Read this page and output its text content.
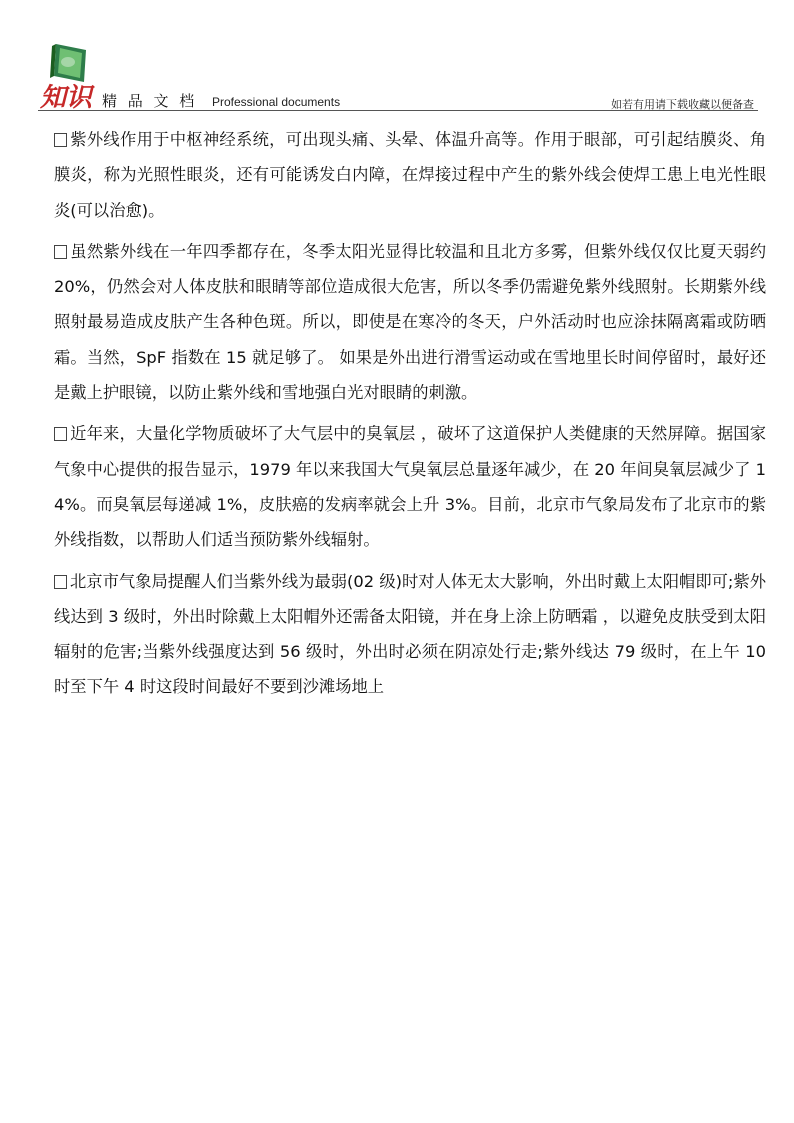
知识 精 品 文 档 Professional documents	如若有用请下载收藏以便备查

紫外线作用于中枢神经系统，可出现头痛、头晕、体温升高等。作用于眼部，可引起结膜炎、角膜炎，称为光照性眼炎，还有可能诱发白内障，在焊接过程中产生的紫外线会使焊工患上电光性眼炎(可以治愈)。

虽然紫外线在一年四季都存在，冬季太阳光显得比较温和且北方多雾，但紫外线仅仅比夏天弱约 20%，仍然会对人体皮肤和眼睛等部位造成很大危害，所以冬季仍需避免紫外线照射。长期紫外线照射最易造成皮肤产生各种色斑。所以，即使是在寒冷的冬天，户外活动时也应涂抹隔离霜或防晒霜。当然，SpF 指数在 15 就足够了。 如果是外出进行滑雪运动或在雪地里长时间停留时，最好还是戴上护眼镜，以防止紫外线和雪地强白光对眼睛的刺激。

近年来，大量化学物质破坏了大气层中的臭氧层 ，破坏了这道保护人类健康的天然屏障。据国家气象中心提供的报告显示，1979 年以来我国大气臭氧层总量逐年减少，在 20 年间臭氧层减少了 14%。而臭氧层每递减 1%，皮肤癌的发病率就会上升 3%。目前，北京市气象局发布了北京市的紫外线指数，以帮助人们适当预防紫外线辐射。

北京市气象局提醒人们当紫外线为最弱(02 级)时对人体无太大影响，外出时戴上太阳帽即可;紫外线达到 3 级时，外出时除戴上太阳帽外还需备太阳镜，并在身上涂上防晒霜 ，以避免皮肤受到太阳辐射的危害;当紫外线强度达到 56 级时，外出时必须在阴凉处行走;紫外线达 79 级时，在上午 10 时至下午 4 时这段时间最好不要到沙滩场地上
